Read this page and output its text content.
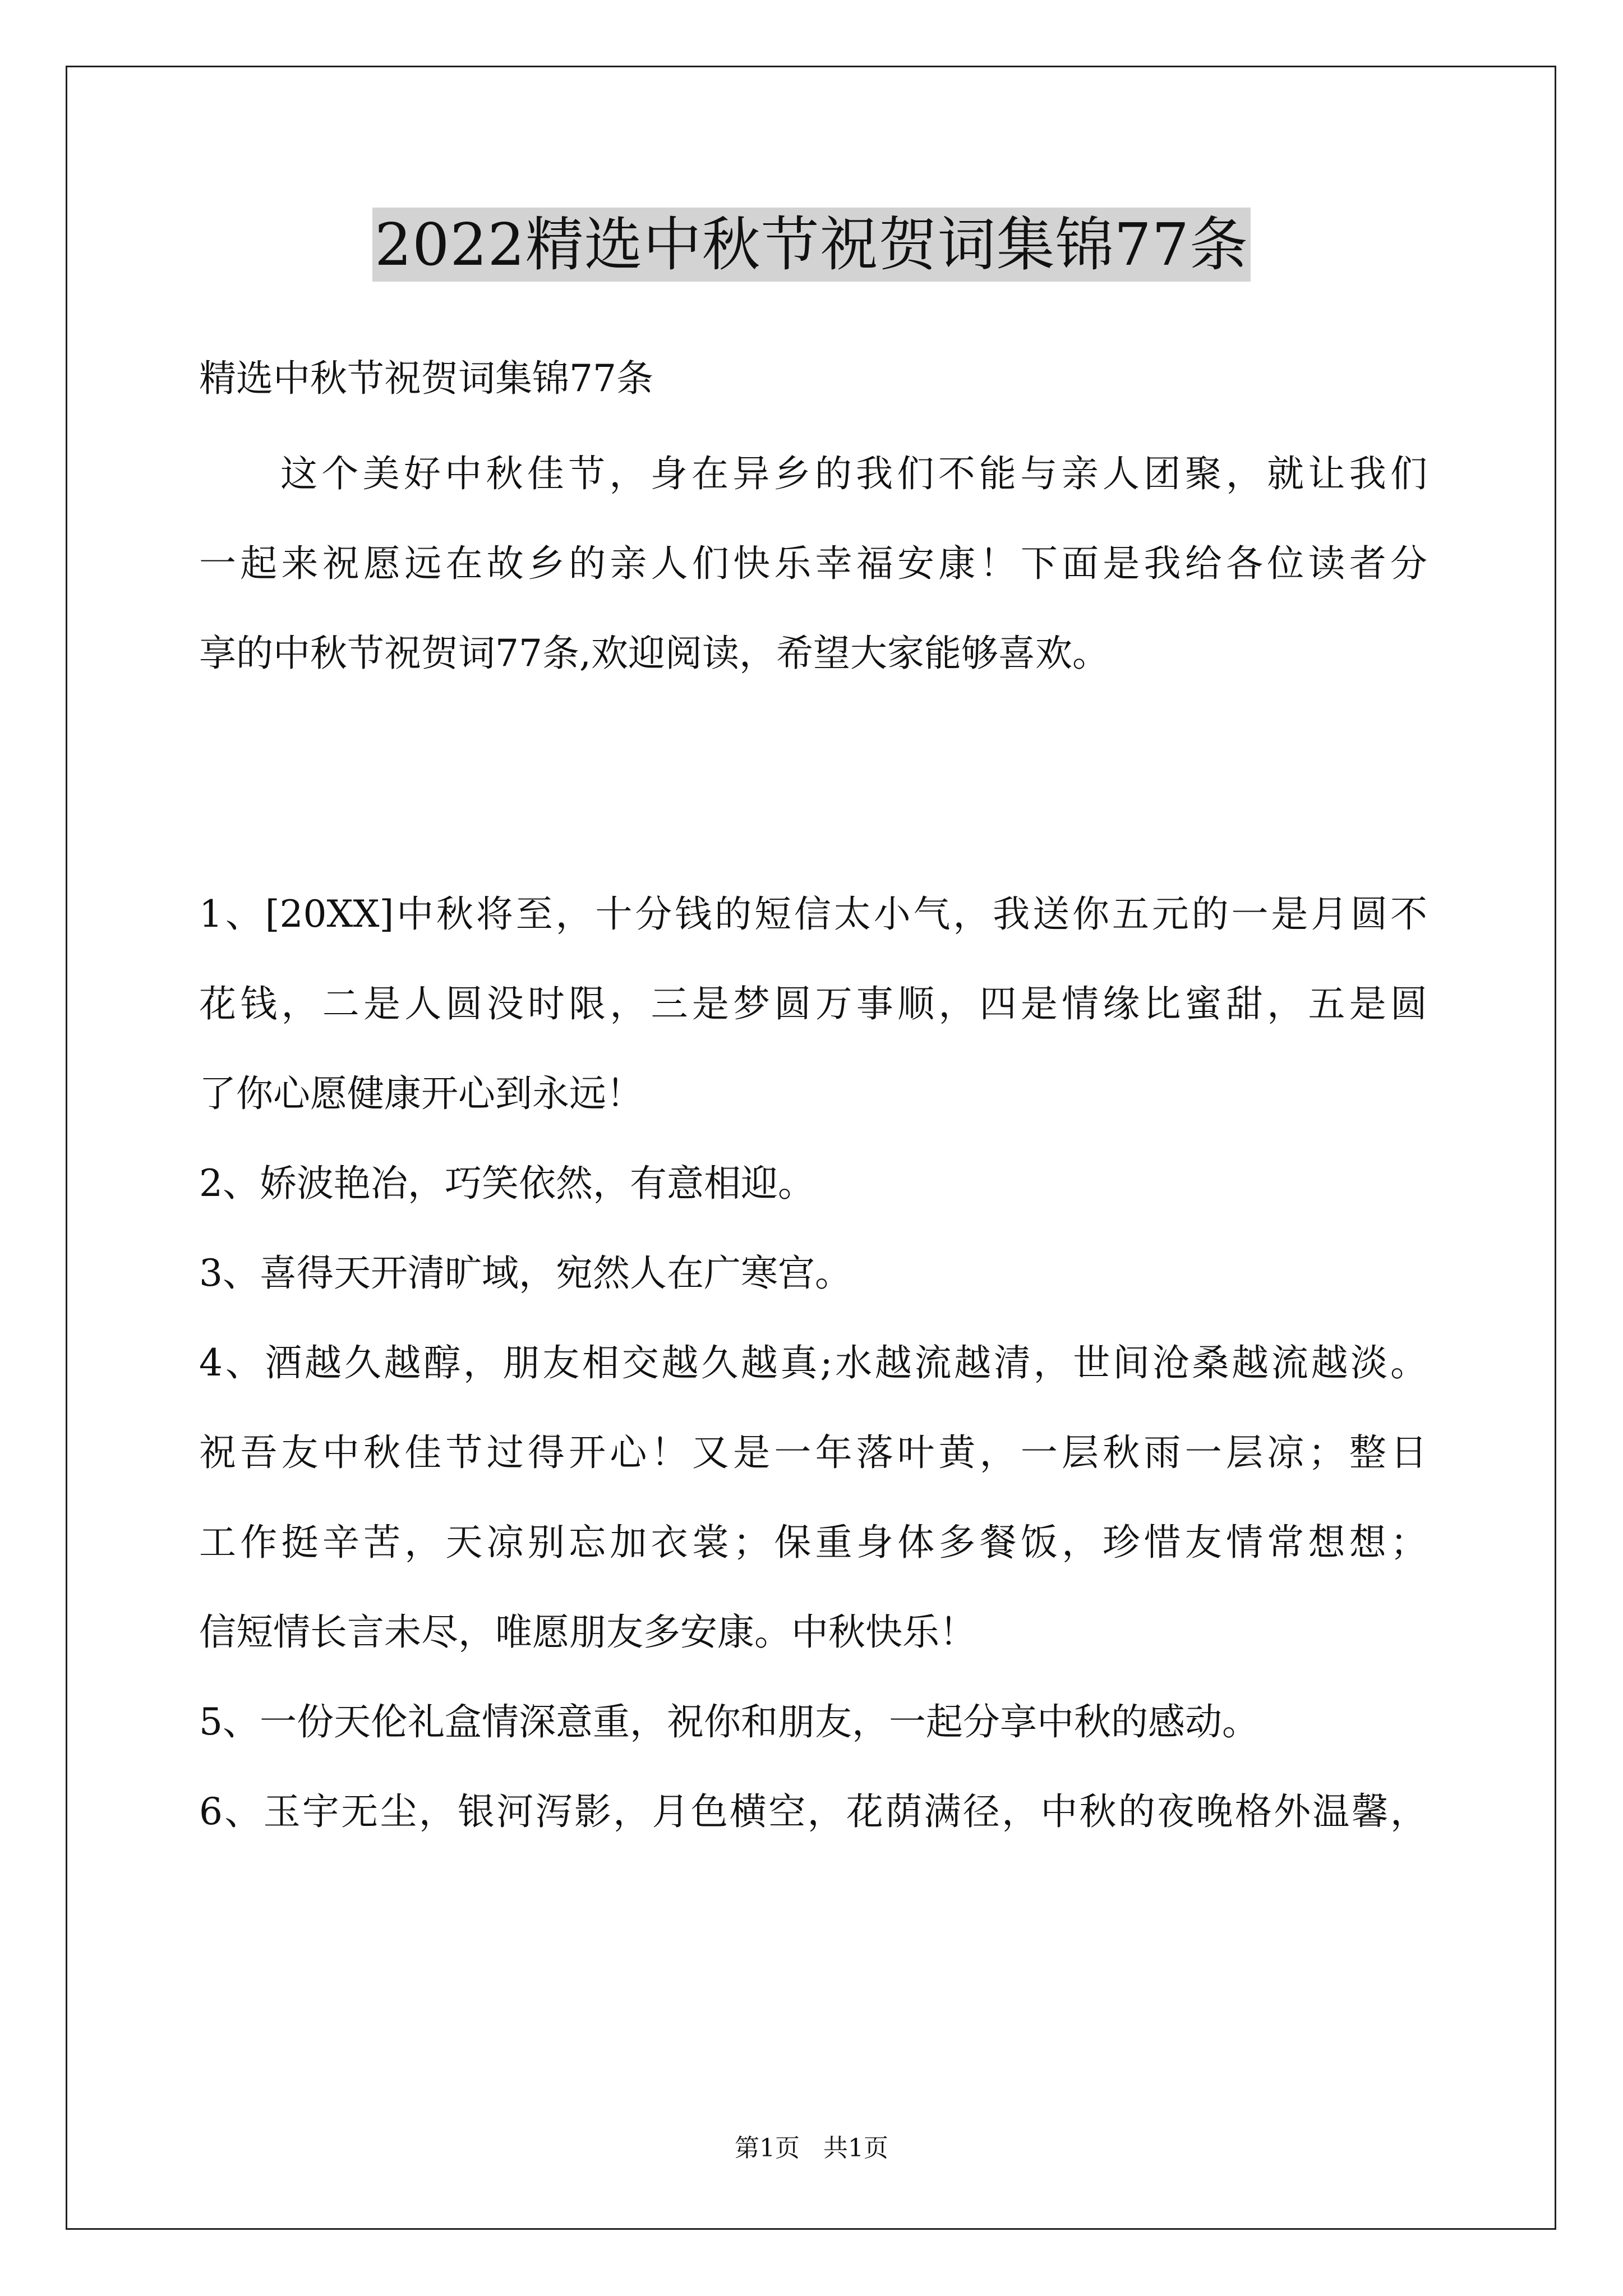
2022精选中秋节祝贺词集锦77条
精选中秋节祝贺词集锦77条
这个美好中秋佳节，身在异乡的我们不能与亲人团聚，就让我们
一起来祝愿远在故乡的亲人们快乐幸福安康！下面是我给各位读者分
享的中秋节祝贺词77条,欢迎阅读，希望大家能够喜欢。
1、[20XX]中秋将至，十分钱的短信太小气，我送你五元的一是月圆不
花钱，二是人圆没时限，三是梦圆万事顺，四是情缘比蜜甜，五是圆
了你心愿健康开心到永远！
2、娇波艳冶，巧笑依然，有意相迎。
3、喜得天开清旷域，宛然人在广寒宫。
4、酒越久越醇，朋友相交越久越真;水越流越清，世间沧桑越流越淡。
祝吾友中秋佳节过得开心！又是一年落叶黄，一层秋雨一层凉；整日
工作挺辛苦，天凉别忘加衣裳；保重身体多餐饭，珍惜友情常想想；
信短情长言未尽，唯愿朋友多安康。中秋快乐！
5、一份天伦礼盒情深意重，祝你和朋友，一起分享中秋的感动。
6、玉宇无尘，银河泻影，月色横空，花荫满径，中秋的夜晚格外温馨，
第1页   共1页
